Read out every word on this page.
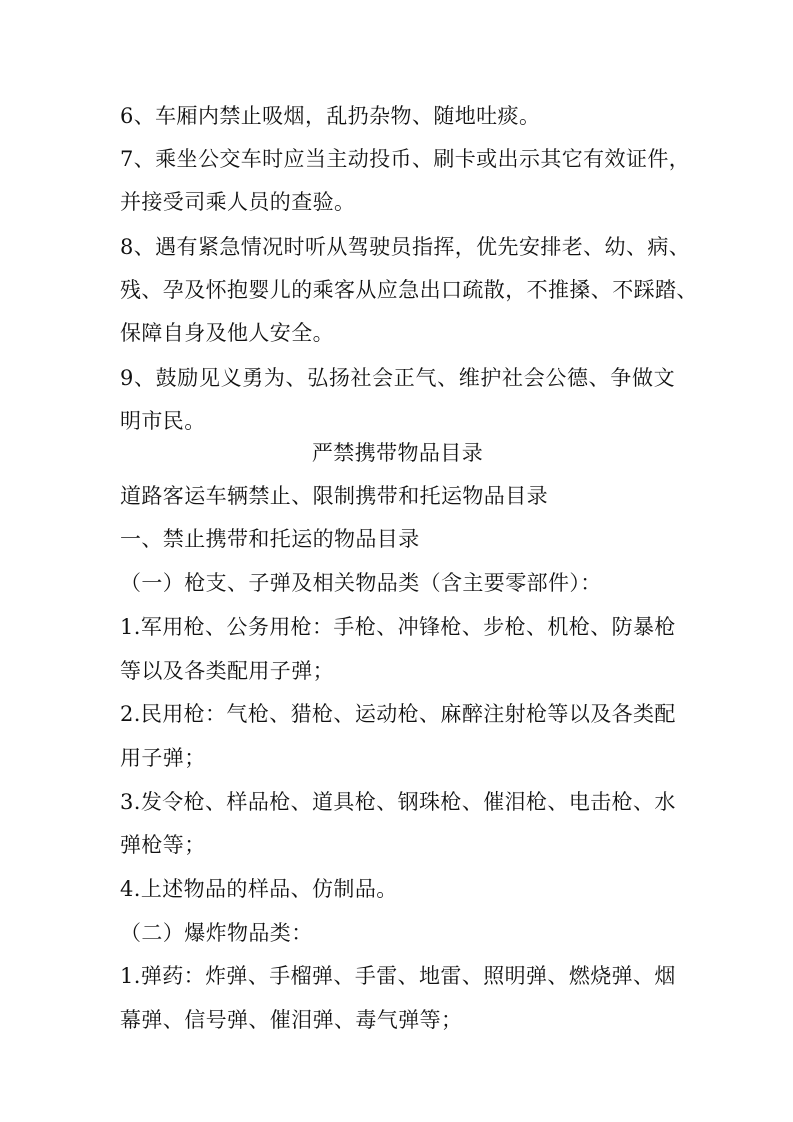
6、车厢内禁止吸烟，乱扔杂物、随地吐痰。
7、乘坐公交车时应当主动投币、刷卡或出示其它有效证件，
并接受司乘人员的查验。
8、遇有紧急情况时听从驾驶员指挥，优先安排老、幼、病、
残、孕及怀抱婴儿的乘客从应急出口疏散，不推搡、不踩踏、
保障自身及他人安全。
9、鼓励见义勇为、弘扬社会正气、维护社会公德、争做文
明市民。
严禁携带物品目录
道路客运车辆禁止、限制携带和托运物品目录
一、禁止携带和托运的物品目录
（一）枪支、子弹及相关物品类（含主要零部件）：
1.军用枪、公务用枪：手枪、冲锋枪、步枪、机枪、防暴枪
等以及各类配用子弹；
2.民用枪：气枪、猎枪、运动枪、麻醉注射枪等以及各类配
用子弹；
3.发令枪、样品枪、道具枪、钢珠枪、催泪枪、电击枪、水
弹枪等；
4.上述物品的样品、仿制品。
（二）爆炸物品类：
1.弹药：炸弹、手榴弹、手雷、地雷、照明弹、燃烧弹、烟
幕弹、信号弹、催泪弹、毒气弹等；
